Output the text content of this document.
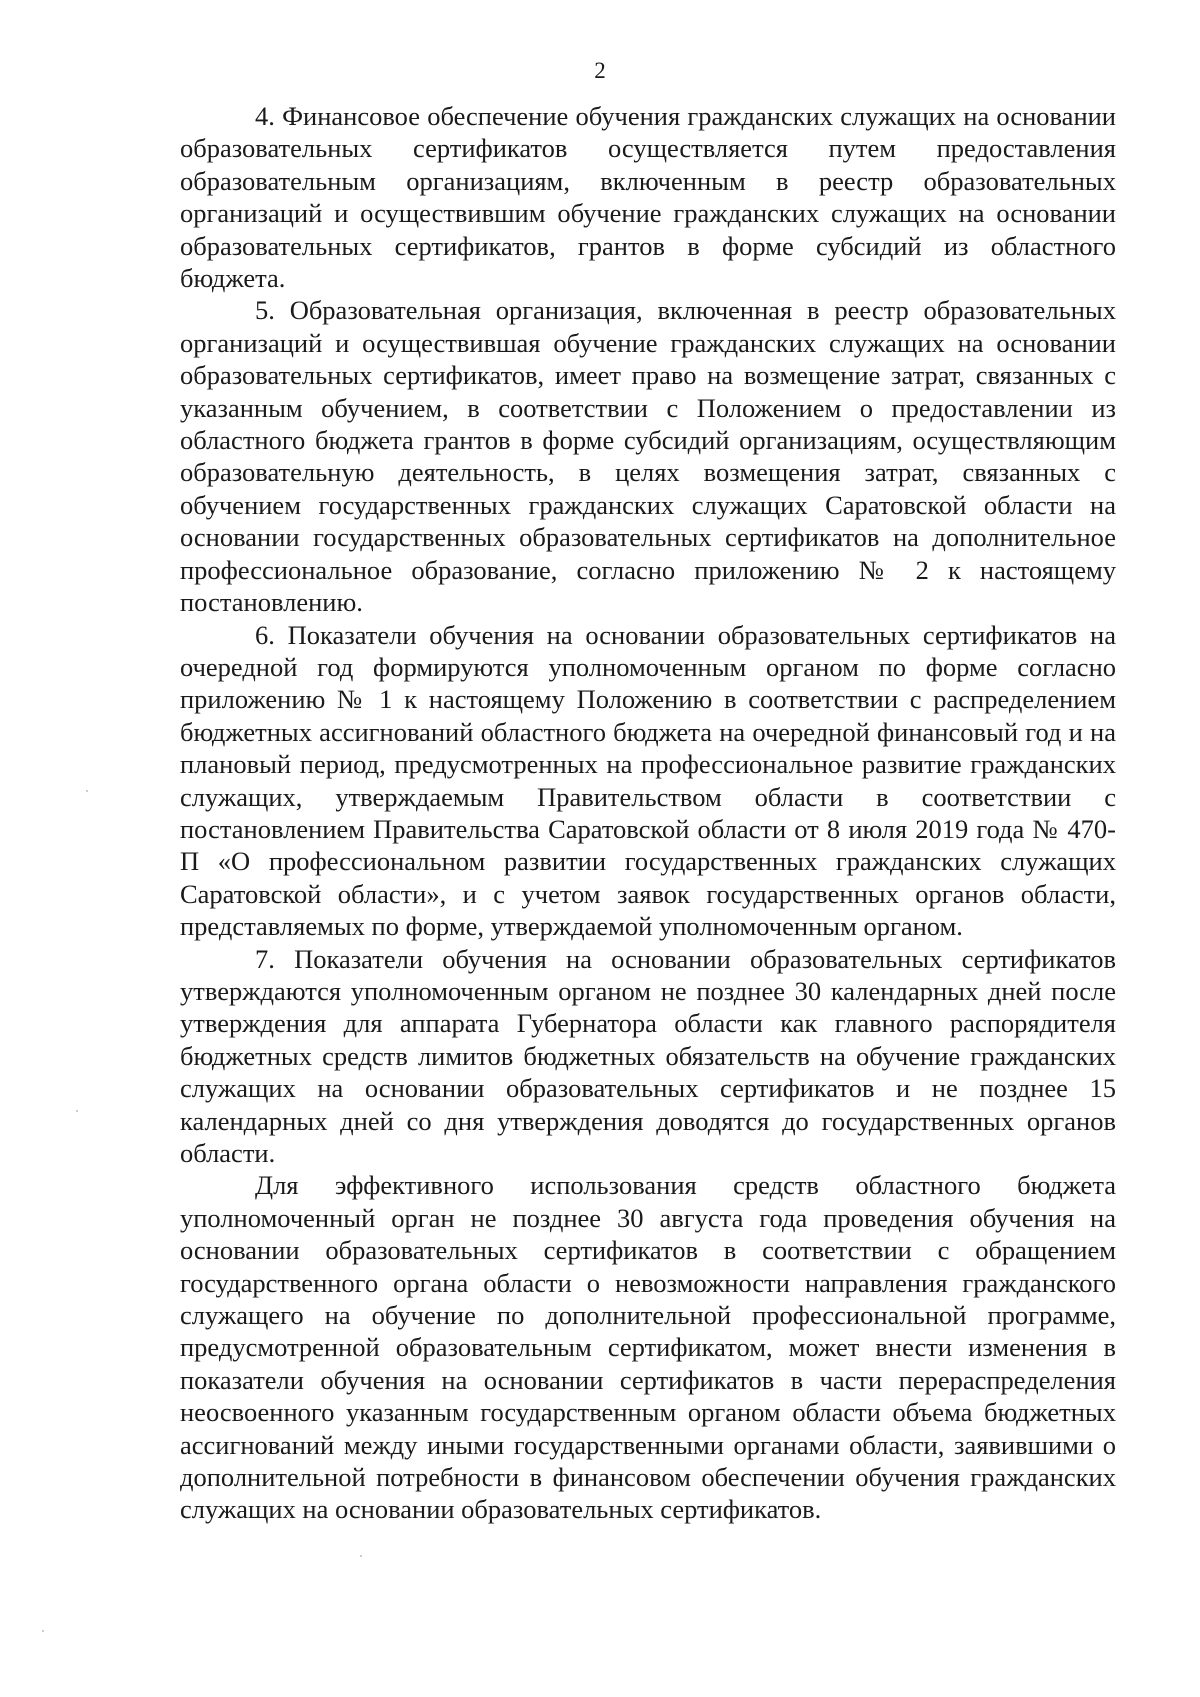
2

4. Финансовое обеспечение обучения гражданских служащих на основании образовательных сертификатов осуществляется путем предоставления образовательным организациям, включенным в реестр образовательных организаций и осуществившим обучение гражданских служащих на основании образовательных сертификатов, грантов в форме субсидий из областного бюджета.

5. Образовательная организация, включенная в реестр образовательных организаций и осуществившая обучение гражданских служащих на основании образовательных сертификатов, имеет право на возмещение затрат, связанных с указанным обучением, в соответствии с Положением о предоставлении из областного бюджета грантов в форме субсидий организациям, осуществляющим образовательную деятельность, в целях возмещения затрат, связанных с обучением государственных гражданских служащих Саратовской области на основании государственных образовательных сертификатов на дополнительное профессиональное образование, согласно приложению № 2 к настоящему постановлению.

6. Показатели обучения на основании образовательных сертификатов на очередной год формируются уполномоченным органом по форме согласно приложению № 1 к настоящему Положению в соответствии с распределением бюджетных ассигнований областного бюджета на очередной финансовый год и на плановый период, предусмотренных на профессиональное развитие гражданских служащих, утверждаемым Правительством области в соответствии с постановлением Правительства Саратовской области от 8 июля 2019 года № 470-П «О профессиональном развитии государственных гражданских служащих Саратовской области», и с учетом заявок государственных органов области, представляемых по форме, утверждаемой уполномоченным органом.

7. Показатели обучения на основании образовательных сертификатов утверждаются уполномоченным органом не позднее 30 календарных дней после утверждения для аппарата Губернатора области как главного распорядителя бюджетных средств лимитов бюджетных обязательств на обучение гражданских служащих на основании образовательных сертификатов и не позднее 15 календарных дней со дня утверждения доводятся до государственных органов области.

Для эффективного использования средств областного бюджета уполномоченный орган не позднее 30 августа года проведения обучения на основании образовательных сертификатов в соответствии с обращением государственного органа области о невозможности направления гражданского служащего на обучение по дополнительной профессиональной программе, предусмотренной образовательным сертификатом, может внести изменения в показатели обучения на основании сертификатов в части перераспределения неосвоенного указанным государственным органом области объема бюджетных ассигнований между иными государственными органами области, заявившими о дополнительной потребности в финансовом обеспечении обучения гражданских служащих на основании образовательных сертификатов.
